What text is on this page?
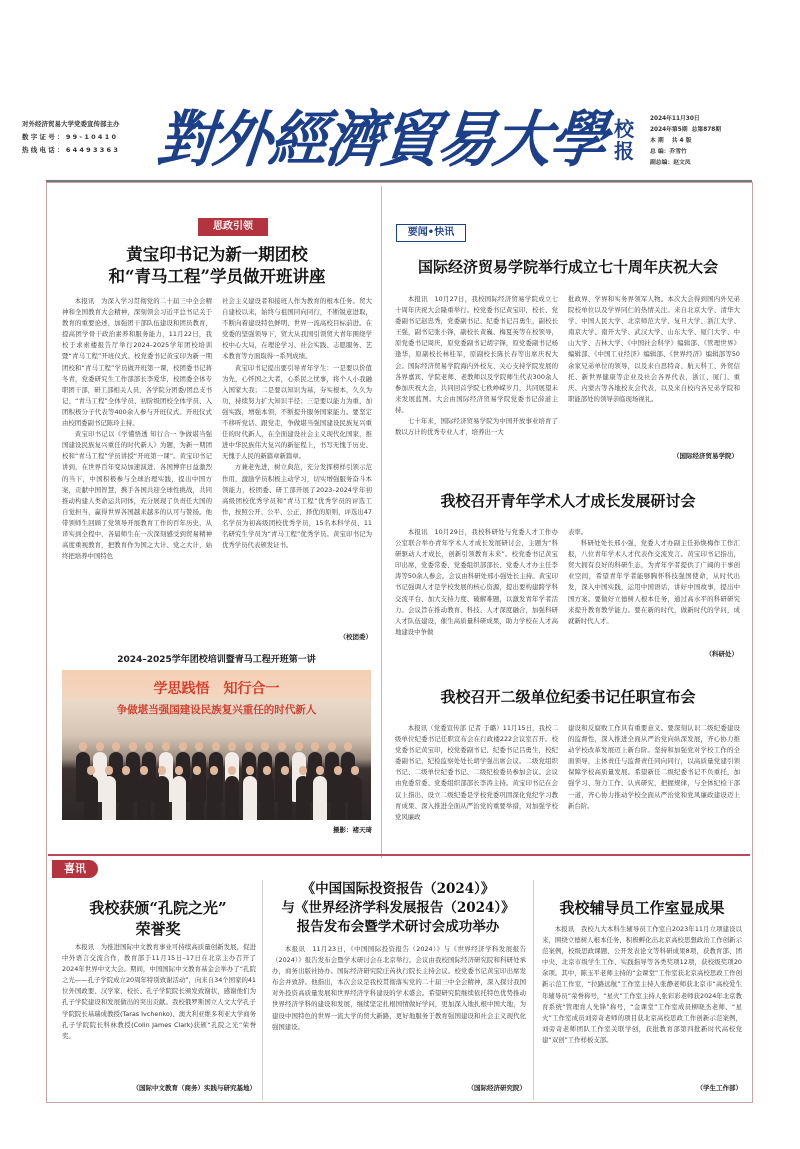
对外经济贸易大学党委宣传部主办
数 字 证 号 ： 9 9 - 1 0 4 1 0
热 线 电 话 ： 6 4 4 9 3 3 6 3 對外經濟貿易大學 校报
2024年11月30日
2024年第5期 总第878期
本 期 共 4 版
总 编：乔雪竹
副总编：赵文凤
思政引领
黄宝印书记为新一期团校
和“青马工程”学员做开班讲座
本报讯　为深入学习贯彻党的二十届三中全会精神和全国教育大会精神，深刻领会习近平总书记关于教育的重要论述，加强团干部队伍建设和团员教育，提高团学骨干政治素养和服务能力，11月22日，我校于求索楼报告厅举行2024–2025学年团校培训暨“青马工程”开班仪式。校党委书记黄宝印为新一期团校和“青马工程”学员做开班第一课，校团委书记蒋冬青，党委研究生工作部部长李爱华，校团委全体专职团干部，研工部相关人员，各学院分团委/团总支书记、“青马工程”全体学员、初阶级团校全体学员、入团积极分子代表等400余人参与开班仪式。开班仪式由校团委副书记陈玲主持。
黄宝印书记以《学懂悟透 知行合一 争做堪当强国建设民族复兴重任的时代新人》为题，为新一期团校和“青马工程”学员讲授“开班第一课”。黄宝印书记讲到，在世界百年变局加速演进、各国博弈日益激烈的当下，中国积极参与全球治理实践，提出中国方案，贡献中国智慧，携手各国共迎全球性挑战，共同推动构建人类命运共同体，充分展现了负责任大国的自觉担当，赢得世界各国越来越多的认可与赞扬。他带领师生回顾了党领导开展教育工作的百年历史，从译实到全程中，各届师生在一次深刻感受到贸易精神高度重视教育，把教育作为国之大计、党之大计，始终把培养中国特色
社会主义建设者和接班人作为教育的根本任务。贸大自建校以来，始终与祖国同向同行，不断锐意进取，不断向着建设特色鲜明、世界一流高校目标前进。在党委的坚强领导下，贸大从我国引领贸大青年围绕学校中心大局，在理论学习、社会实践、志愿服务、艺术教育等方面取得一系列成绩。
黄宝印书记提出要引导青年学生：一是要以价值为先，心怀国之大者，心系民之忧事，将个人小我融入国家大我；二是要以知识为基，夯实根本，久久为功，持续努力扩大知识半径；三是要以能力为重，加强实践，增强本领，不断提升服务国家能力。要坚定不移听党话、跟党走，争做堪当强国建设民族复兴重任的时代新人，在全面建设社会主义现代化国家，推进中华民族伟大复兴的新征程上，书写无愧于历史、无愧于人民的新篇章新篇章。
方兼老先进，树立典范，充分发挥榜样引领示范作用，激励学员积极主动学习，切实增强服务奋斗本领能力，校团委、研工部开展了2023–2024学年初高级团校优秀学员和“青马工程”优秀学员的评选工作，按照公开、公平、公正、择优的原则，评选出47名学员为初高级团校优秀学员，15名本科学员、11名研究生学员为“青马工程”优秀学员。黄宝印书记为优秀学员代表颁发证书。
（校团委）
2024–2025学年团校培训暨青马工程开班第一讲
学思践悟　知行合一
争做堪当强国建设民族复兴重任的时代新人
摄影：褚天琦
要闻•快讯
国际经济贸易学院举行成立七十周年庆祝大会
本报讯　10月27日，我校国际经济贸易学院成立七十周年庆祝大会隆重举行。校党委书记黄宝印，校长、党委副书记赵忠秀，党委副书记、纪委书记吕勇生，副校长王强，副书记张小锋，副校长黄巍、梅夏英等在校领导，原党委书记周庆，原党委副书记胡宇锋，原党委副书记杨逢华，原副校长林桂军，原副校长陈长春等出席庆祝大会。国际经济贸易学院海内外校友、关心支持学院发展的各界嘉宾，学院老师、老教师以及学院师生代表300余人参加庆祝大会，共同回首学院七秩峥嵘岁月，共同展望未来发展蓝图。大会由国际经济贸易学院党委书记薛道主持。
七十年来，国际经济贸易学院为中国开放事业培育了数以万计的优秀专业人才，培养出一大
批政界、学界和实务界领军人物。本次大会得到国内外兄弟院校单位以及学界同仁的热情关注。来自北京大学、清华大学、中国人民大学、北京师范大学、复旦大学、浙江大学、南京大学、南开大学、武汉大学、山东大学、厦门大学、中山大学、吉林大学、《中国社会科学》编辑部、《管理世界》编辑部、《中国工业经济》编辑部、《世界经济》编辑部等50余家兄弟单位的领导，以及来自思特奇、航天科工、外贸信托、新世界健康等企业及社会各界代表，浙江、厦门、重庆、内蒙古等各地校友会代表，以及来自校内各兄弟学院和职能部处的领导亲临现场视礼。
（国际经济贸易学院）
我校召开青年学术人才成长发展研讨会
本报讯　10月29日，我校科研处与党委人才工作办公室联合举办青年学术人才成长发展研讨会，主题为“科研驱动人才成长，创新引领教育未来”。校党委书记黄宝印出席，党委常委、党委组织部部长、党委人才办主任李涛等50余人参会。会议由科研处邢小强处长主持。黄宝印书记强调人才是学校发展的核心资源，提出要构建跨学科交流平台、加大支持力度、破解难题，以激发青年学者活力。会议旨在推动教育、科技、人才深度融合，加强科研人才队伍建设，催生高质量科研成果，助力学校在人才高地建设中争做
表率。
科研处处长邢小强，党委人才办副主任孙焕梅作工作汇报，八位青年学术人才代表作交流发言。黄宝印书记指出，贸大拥有良好的科研生态，为青年学者提供了广阔的干事创业空间，希望青年学者能够胸怀科技强国使命，从时代出发，深入中国实践，运用中国语话，讲好中国故事，提出中国方案。要做好立德树人根本任务，通过高水平的科研研究来提升教育教学能力。要在新的时代，做新时代的学问，成就新时代人才。
（科研处）
我校召开二级单位纪委书记任职宣布会
本报讯（党委宣传部 记者 于璐）11月15日，我校二级单位纪委书记任职宣布会在行政楼222会议室召开。校党委书记黄宝印，校党委副书记、纪委书记吕勇生，校纪委副书记，纪检监察处处长胡学强出席会议。二级党组织书记、二级单位纪委书记、二级纪检委员参加会议。会议由党委常委、党委组织部部长李涛主持。黄宝印书记在会议上指出，设立二级纪委是学校党委巩固深化党纪学习教育成果、深入推进全面从严治党的重要举措，对加强学校党风廉政
建设和反腐败工作具有重要意义。要深刻认识二级纪委建设的监督性，深入推进全面从严治党向纵深发展，齐心协力推动学校改革发展迈上新台阶。坚持和加强党对学校工作的全面领导，主体责任与监督责任同向同行，以高质量党建引领保障学校高质量发展。希望新任二级纪委书记不负重托，加强学习、努力工作、认真研究，把握规律，与全体纪检干部一道，齐心协力推动学校全面从严治党和党风廉政建设迈上新台阶。
喜讯
我校获颁“孔院之光”
荣誉奖
本报讯　为推进国际中文教育事业可持续高质量创新发展，促进中外语言交流合作，教育部于11月15日–17日在北京主办召开了2024年世界中文大会。期间，中国国际中文教育基金会举办了“孔院之光——孔子学院成立20周年特别致谢活动”，向来自34个国家的41位外国政要、汉学家、校长、孔子学院院长颁发致谢状，感谢他们为孔子学院建设和发展做出的突出贡献。我校俄罗斯国立人文大学孔子学院院长基瑞成教授(Taras Ivchenko)、澳大利亚维多利亚大学商务孔子学院院长科林教授(Colin James Clark)获颁“孔院之光”荣誉奖。
（国际中文教育（商务）实践与研究基地）
《中国国际投资报告（2024）》
与《世界经济学科发展报告（2024）》
报告发布会暨学术研讨会成功举办
本报讯　11月23日，《中国国际投资报告（2024）》与《世界经济学科发展报告（2024）》报告发布会暨学术研讨会在北京举行。会议由我校国际经济研究院和科研处承办，商务出版社协办。国际经济研究院庄芮执行院长主持会议。校党委书记黄宝印出席发布会并致辞。他指出，本次会议是我校贯彻落实党的二十届三中全会精神，深入探讨我国对外投资高质量发展和世界经济学科建设的学术盛会。希望研究院继续依托特色优势推动世界经济学科的建设和发展，继续坚定扎根国情做好学问，更加深入地扎根中国大地，为建设中国特色的世界一流大学的贸大新路，更好地服务于教育强国建设和社会主义现代化强国建设。
（国际经济研究院）
我校辅导员工作室显成果
本报讯　我校九大本科生辅导员工作室自2023年11月立项建设以来，围绕立德树人根本任务，积极孵化出北京高校思想政治工作创新示范案例，校级思政课题、公开发表论文等科研成果8项，获教育部、团中央、北京市级学生工作、实践指导等各类奖项12项，获校级奖项20余项。其中，陈玉平老师主持的“金课堂”工作室获北京高校思政工作创新示范工作室，“拉路远航”工作室主持人张静老师获北京市“高校爱生年辅导员”荣誉称号，“星火”工作室主持人张彩彩老师获2024年北京教育系统“管理育人先锋”称号，“金课堂”工作室成员柳晓杰老师、“星火”工作室成员刘旁奇老师的项目获北京高校思政工作创新示范案例，刘旁奇老师团队工作室关联学创，获批教育部第四批新时代高校党建“双创”工作样板支部。
（学生工作部）
